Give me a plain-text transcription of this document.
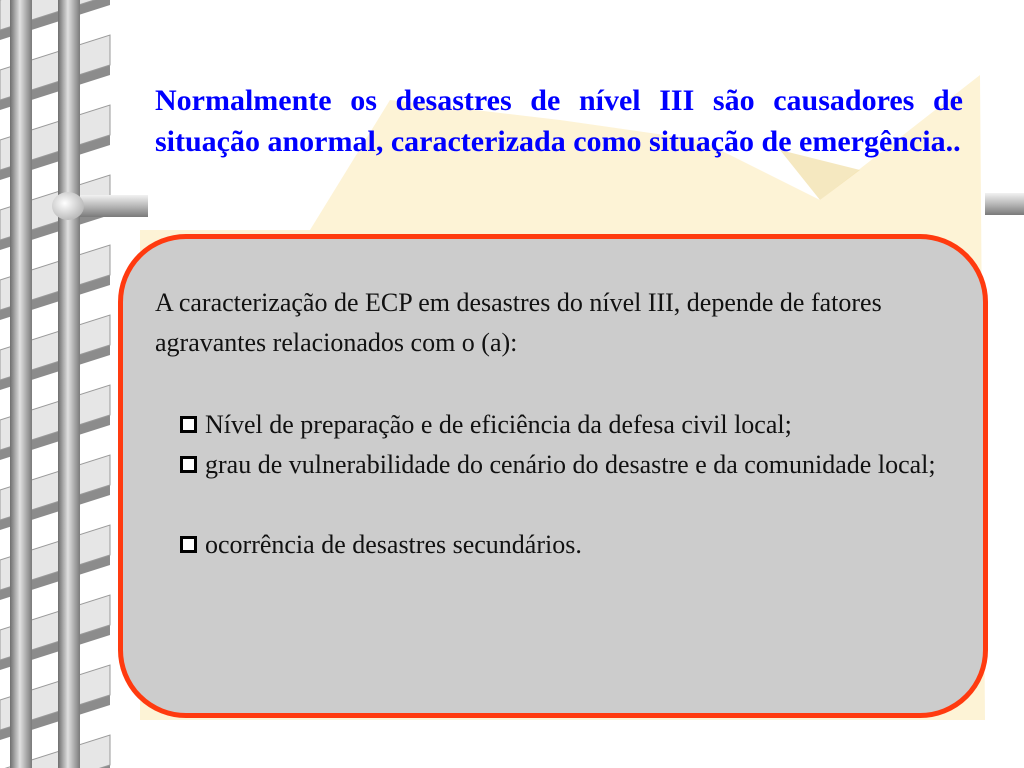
Normalmente os desastres de nível III são causadores de situação anormal, caracterizada como situação de emergência..

A caracterização de ECP em desastres do nível III, depende de fatores agravantes relacionados com o (a):

Nível de preparação e de eficiência da defesa civil local;
grau de vulnerabilidade do cenário do desastre e da comunidade local;
ocorrência de desastres secundários.
